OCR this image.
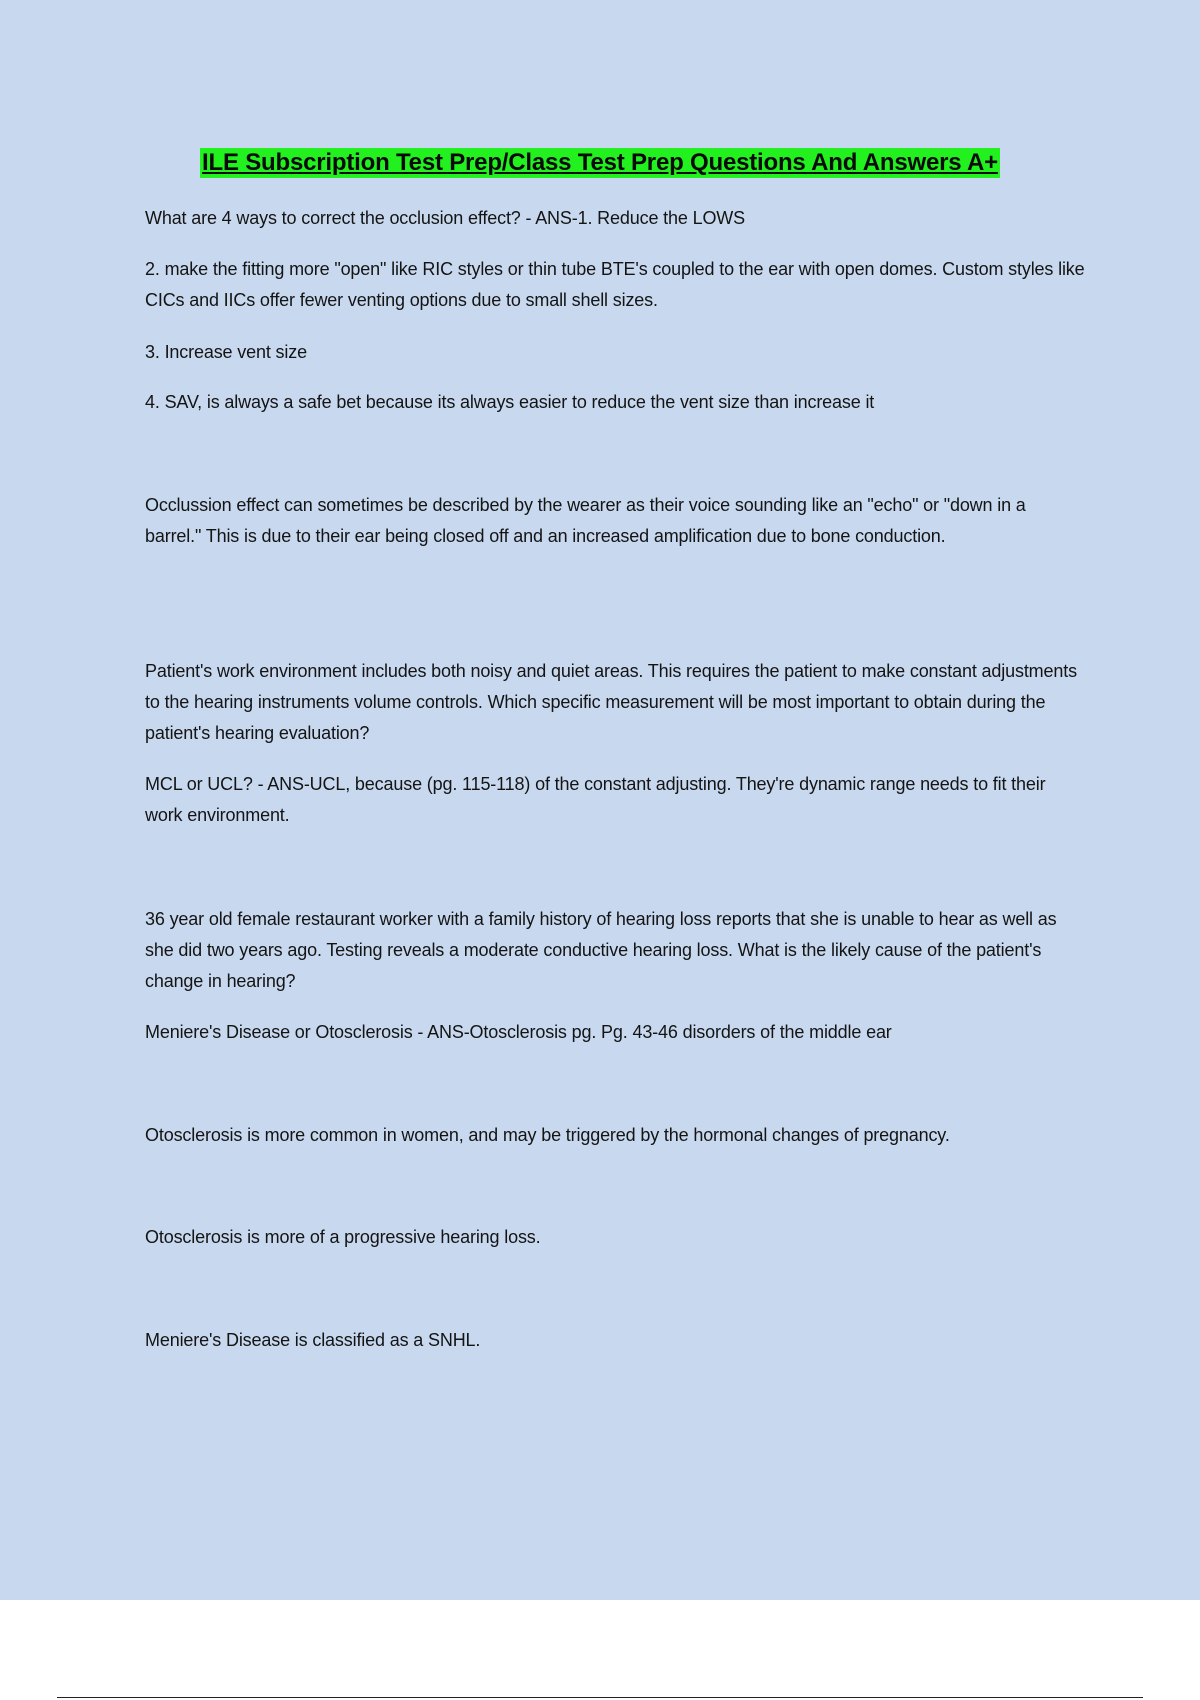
ILE Subscription Test Prep/Class Test Prep Questions And Answers A+

What are 4 ways to correct the occlusion effect? - ANS-1. Reduce the LOWS

2. make the fitting more "open" like RIC styles or thin tube BTE's coupled to the ear with open domes. Custom styles like CICs and IICs offer fewer venting options due to small shell sizes.

3. Increase vent size

4. SAV, is always a safe bet because its always easier to reduce the vent size than increase it

Occlussion effect can sometimes be described by the wearer as their voice sounding like an "echo" or "down in a barrel." This is due to their ear being closed off and an increased amplification due to bone conduction.

Patient's work environment includes both noisy and quiet areas. This requires the patient to make constant adjustments to the hearing instruments volume controls. Which specific measurement will be most important to obtain during the patient's hearing evaluation?

MCL or UCL? - ANS-UCL, because (pg. 115-118) of the constant adjusting. They're dynamic range needs to fit their work environment.

36 year old female restaurant worker with a family history of hearing loss reports that she is unable to hear as well as she did two years ago. Testing reveals a moderate conductive hearing loss. What is the likely cause of the patient's change in hearing?

Meniere's Disease or Otosclerosis - ANS-Otosclerosis pg. Pg. 43-46 disorders of the middle ear

Otosclerosis is more common in women, and may be triggered by the hormonal changes of pregnancy.

Otosclerosis is more of a progressive hearing loss.

Meniere's Disease is classified as a SNHL.
